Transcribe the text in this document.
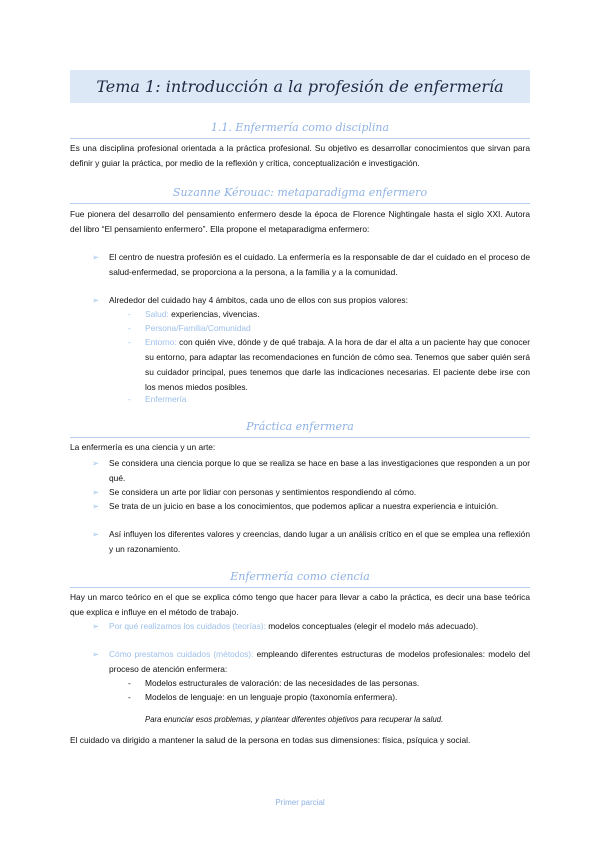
Tema 1: introducción a la profesión de enfermería
1.1. Enfermería como disciplina

Es una disciplina profesional orientada a la práctica profesional. Su objetivo es desarrollar conocimientos que sirvan para definir y guiar la práctica, por medio de la reflexión y crítica, conceptualización e investigación.

Suzanne Kérouac: metaparadigma enfermero

Fue pionera del desarrollo del pensamiento enfermero desde la época de Florence Nightingale hasta el siglo XXI. Autora del libro “El pensamiento enfermero”. Ella propone el metaparadigma enfermero:

➢ El centro de nuestra profesión es el cuidado. La enfermería es la responsable de dar el cuidado en el proceso de salud-enfermedad, se proporciona a la persona, a la familia y a la comunidad.

➢ Alrededor del cuidado hay 4 ámbitos, cada uno de ellos con sus propios valores:

- Salud: experiencias, vivencias.

- Persona/Familia/Comunidad

- Entorno: con quién vive, dónde y de qué trabaja. A la hora de dar el alta a un paciente hay que conocer su entorno, para adaptar las recomendaciones en función de cómo sea. Tenemos que saber quién será su cuidador principal, pues tenemos que darle las indicaciones necesarias. El paciente debe irse con los menos miedos posibles.

- Enfermería

Práctica enfermera

La enfermería es una ciencia y un arte:

➢ Se considera una ciencia porque lo que se realiza se hace en base a las investigaciones que responden a un por qué.

➢ Se considera un arte por lidiar con personas y sentimientos respondiendo al cómo.

➢ Se trata de un juicio en base a los conocimientos, que podemos aplicar a nuestra experiencia e intuición.

➢ Así influyen los diferentes valores y creencias, dando lugar a un análisis crítico en el que se emplea una reflexión y un razonamiento.

Enfermería como ciencia

Hay un marco teórico en el que se explica cómo tengo que hacer para llevar a cabo la práctica, es decir una base teórica que explica e influye en el método de trabajo.

➢ Por qué realizamos los cuidados (teorías): modelos conceptuales (elegir el modelo más adecuado).

➢ Cómo prestamos cuidados (métodos): empleando diferentes estructuras de modelos profesionales: modelo del proceso de atención enfermera:

- Modelos estructurales de valoración: de las necesidades de las personas.

- Modelos de lenguaje: en un lenguaje propio (taxonomía enfermera).

Para enunciar esos problemas, y plantear diferentes objetivos para recuperar la salud.

El cuidado va dirigido a mantener la salud de la persona en todas sus dimensiones: física, psíquica y social.

Primer parcial
